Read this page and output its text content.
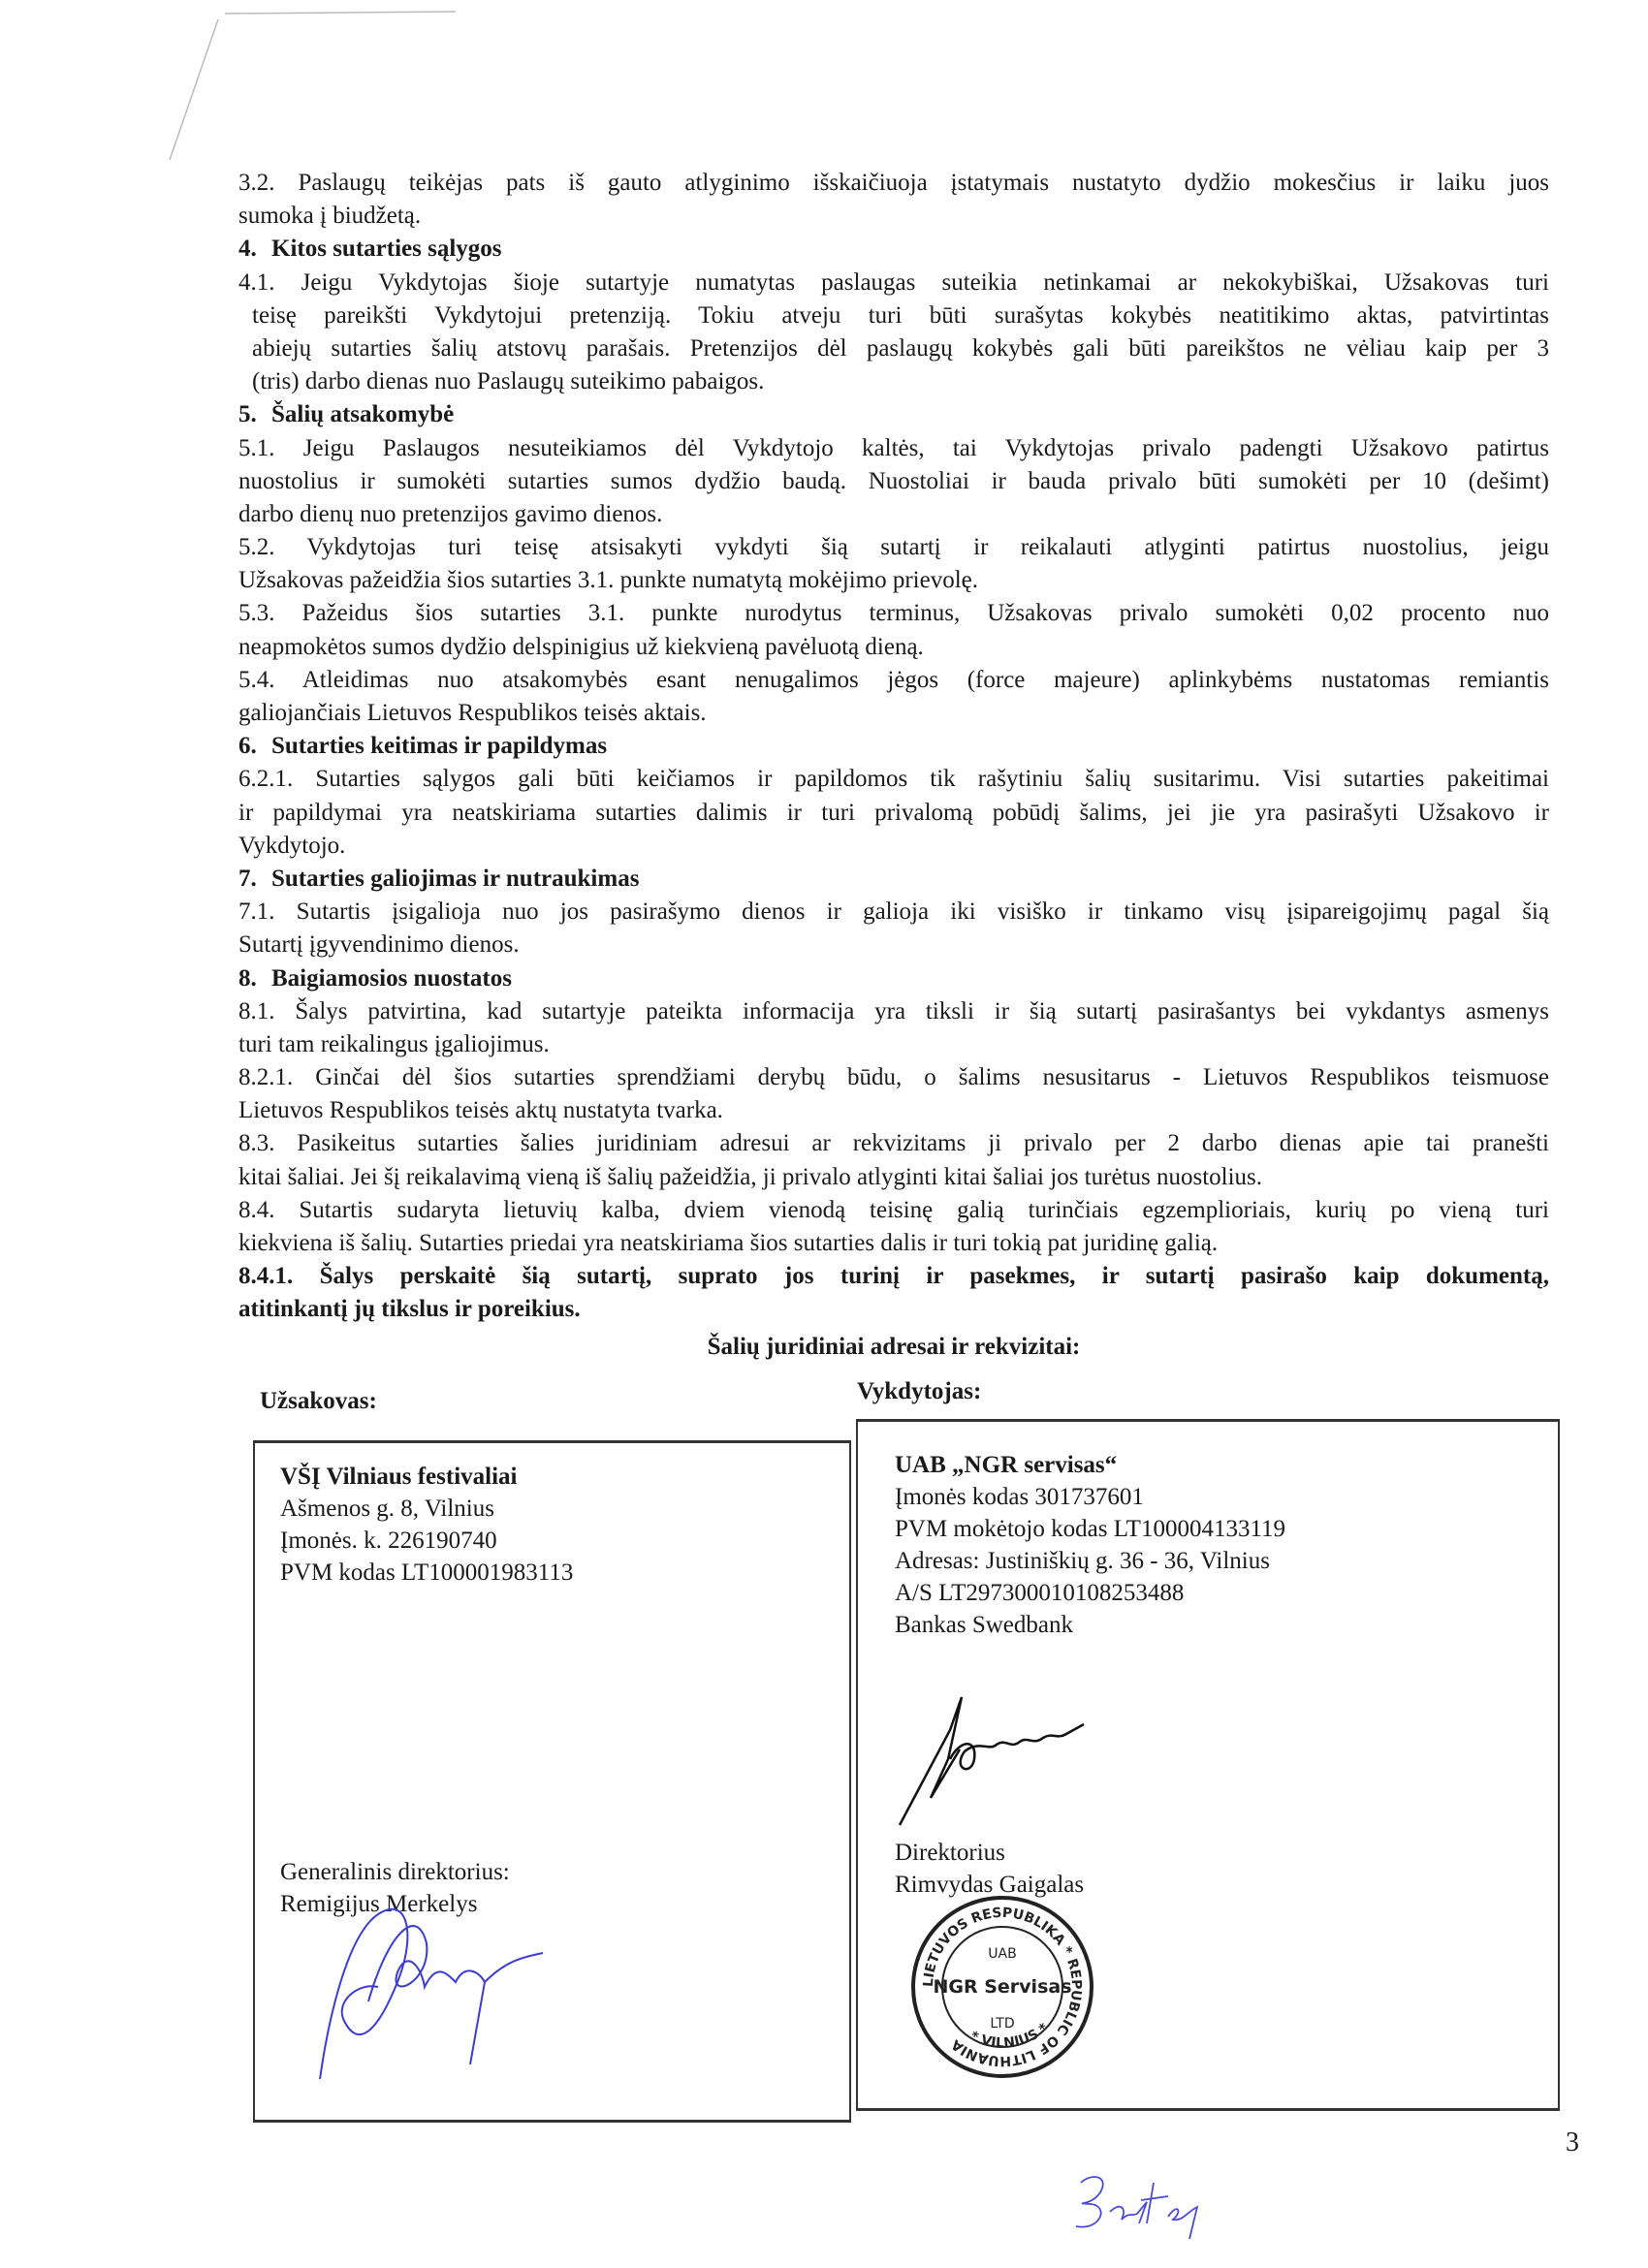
3.2. Paslaugų teikėjas pats iš gauto atlyginimo išskaičiuoja įstatymais nustatyto dydžio mokesčius ir laiku juos
sumoka į biudžetą.
4. Kitos sutarties sąlygos
4.1. Jeigu Vykdytojas šioje sutartyje numatytas paslaugas suteikia netinkamai ar nekokybiškai, Užsakovas turi
teisę pareikšti Vykdytojui pretenziją. Tokiu atveju turi būti surašytas kokybės neatitikimo aktas, patvirtintas
abiejų sutarties šalių atstovų parašais. Pretenzijos dėl paslaugų kokybės gali būti pareikštos ne vėliau kaip per 3
(tris) darbo dienas nuo Paslaugų suteikimo pabaigos.
5. Šalių atsakomybė
5.1. Jeigu Paslaugos nesuteikiamos dėl Vykdytojo kaltės, tai Vykdytojas privalo padengti Užsakovo patirtus
nuostolius ir sumokėti sutarties sumos dydžio baudą. Nuostoliai ir bauda privalo būti sumokėti per 10 (dešimt)
darbo dienų nuo pretenzijos gavimo dienos.
5.2. Vykdytojas turi teisę atsisakyti vykdyti šią sutartį ir reikalauti atlyginti patirtus nuostolius, jeigu
Užsakovas pažeidžia šios sutarties 3.1. punkte numatytą mokėjimo prievolę.
5.3. Pažeidus šios sutarties 3.1. punkte nurodytus terminus, Užsakovas privalo sumokėti 0,02 procento nuo
neapmokėtos sumos dydžio delspinigius už kiekvieną pavėluotą dieną.
5.4. Atleidimas nuo atsakomybės esant nenugalimos jėgos (force majeure) aplinkybėms nustatomas remiantis
galiojančiais Lietuvos Respublikos teisės aktais.
6. Sutarties keitimas ir papildymas
6.2.1. Sutarties sąlygos gali būti keičiamos ir papildomos tik rašytiniu šalių susitarimu. Visi sutarties pakeitimai
ir papildymai yra neatskiriama sutarties dalimis ir turi privalomą pobūdį šalims, jei jie yra pasirašyti Užsakovo ir
Vykdytojo.
7. Sutarties galiojimas ir nutraukimas
7.1. Sutartis įsigalioja nuo jos pasirašymo dienos ir galioja iki visiško ir tinkamo visų įsipareigojimų pagal šią
Sutartį įgyvendinimo dienos.
8. Baigiamosios nuostatos
8.1. Šalys patvirtina, kad sutartyje pateikta informacija yra tiksli ir šią sutartį pasirašantys bei vykdantys asmenys
turi tam reikalingus įgaliojimus.
8.2.1. Ginčai dėl šios sutarties sprendžiami derybų būdu, o šalims nesusitarus - Lietuvos Respublikos teismuose
Lietuvos Respublikos teisės aktų nustatyta tvarka.
8.3. Pasikeitus sutarties šalies juridiniam adresui ar rekvizitams ji privalo per 2 darbo dienas apie tai pranešti
kitai šaliai. Jei šį reikalavimą vieną iš šalių pažeidžia, ji privalo atlyginti kitai šaliai jos turėtus nuostolius.
8.4. Sutartis sudaryta lietuvių kalba, dviem vienodą teisinę galią turinčiais egzemplioriais, kurių po vieną turi
kiekviena iš šalių. Sutarties priedai yra neatskiriama šios sutarties dalis ir turi tokią pat juridinę galią.
8.4.1. Šalys perskaitė šią sutartį, suprato jos turinį ir pasekmes, ir sutartį pasirašo kaip dokumentą,
atitinkantį jų tikslus ir poreikius.
Šalių juridiniai adresai ir rekvizitai:
Užsakovas:	Vykdytojas:
VŠĮ Vilniaus festivaliai
Ašmenos g. 8, Vilnius
Įmonės. k. 226190740
PVM kodas LT100001983113
Generalinis direktorius:
Remigijus Merkelys
UAB „NGR servisas“
Įmonės kodas 301737601
PVM mokėtojo kodas LT100004133119
Adresas: Justiniškių g. 36 - 36, Vilnius
A/S LT297300010108253488
Bankas Swedbank
Direktorius
Rimvydas Gaigalas
LIETUVOS RESPUBLIKA * REPUBLIC OF LITHUANIA * VILNIUS *
UAB
NGR Servisas
LTD
3
